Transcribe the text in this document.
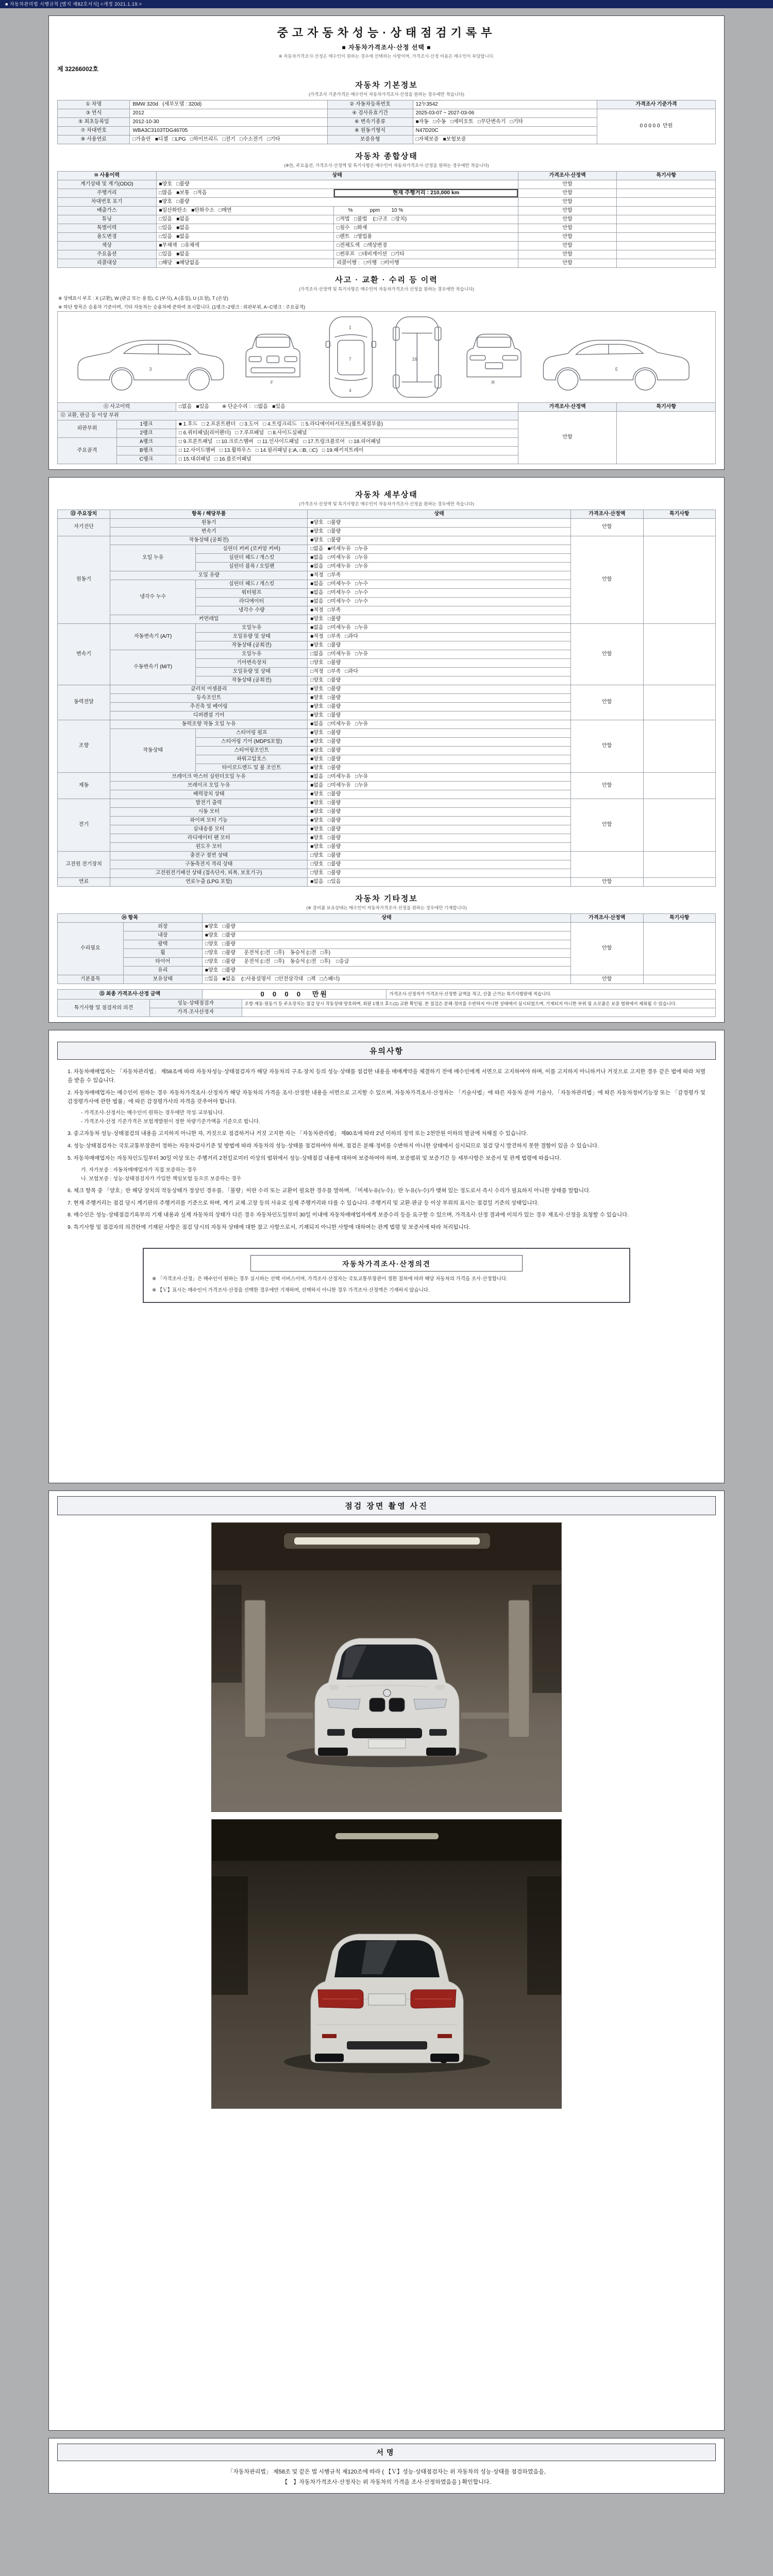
■ 자동차관리법 시행규칙 [별지 제82호서식] <개정 2021.1.19.>
중고자동차성능·상태점검기록부
■ 자동차가격조사·산정 선택 ■
※ 자동차가격조사·산정은 매수인이 원하는 경우에 선택하는 사항이며, 가격조사·산정 비용은 매수인이 부담합니다.
제 32266002호
자동차 기본정보
(가격조사 기준가격은 매수인이 자동차가격조사·산정을 원하는 경우에만 적습니다)
① 차명	BMW 320d   (세부모델 : 320d)	② 자동차등록번호	12누3542	가격조사 기준가격
③ 연식	2012	④ 검사유효기간	2025-03-07 ~ 2027-03-06	0 0 0 0 0  만원
⑤ 최초등록일	2012-10-30	⑥ 변속기종류	■자동   □수동   □세미오토   □무단변속기   □기타	
⑦ 차대번호	WBA3C3103TDG46705	⑧ 원동기형식	N47D20C	
⑨ 사용연료	□가솔린   ■디젤   □LPG   □하이브리드   □전기   □수소전기   □기타	보증유형	□자체보증   ■보험보증	
자동차 종합상태
(※色, 주요옵션, 가격조사·산정액 및 특기사항은 매수인이 자동차가격조사·산정을 원하는 경우에만 적습니다)
⑩ 사용이력	상태		가격조사·산정액	특기사항
계기상태 및 계기(ODO)	■양호   □불량		안함	
주행거리	□많음   ■보통   □적음	현재 주행거리 : 210,000 km	안함	
차대번호 표기	■양호   □불량		안함	
배출가스	■일산화탄소   ■탄화수소   □매연	%            ppm        10 %	안함	
튜닝	□있음   ■없음	□적법   □불법    (□구조   □장치)	안함	
특별이력	□있음   ■없음	□침수   □화재	안함	
용도변경	□있음   ■없음	□렌트   □영업용	안함	
색상	■무채색   □유채색	□전체도색   □색상변경	안함	
주요옵션	□있음   ■없음	□썬루프   □네비게이션   □기타	안함	
리콜대상	□해당   ■해당없음	리콜이행 :   □이행   □미이행	안함	
사고 · 교환 · 수리 등 이력
(가격조사·산정액 및 특기사항은 매수인이 자동차가격조사·산정을 원하는 경우에만 적습니다)
※ 상태표시 부호 : X (교환), W (판금 또는 용접), C (부식), A (흠집), U (요철), T (손상)
※ 하단 항목은 승용차 기준이며, 기타 자동차는 승용차에 준하여 표시합니다. (1랭크~2랭크 : 외판부위, A~C랭크 : 주요골격)
3
F
1
7
4
16
R
⑪ 사고이력		□없음   ■있음         ※ 단순수리 :   □없음   ■있음	가격조사·산정액	특기사항
⑫ 교환, 판금 등 이상 부위			안함	
외판부위	1랭크	■ 1.후드   □ 2.프론트펜더   □ 3.도어   □ 4.트렁크리드   □ 5.라디에이터서포트(볼트체결부품)		
	2랭크	□ 6.쿼터패널(리어펜더)   □ 7.루프패널   □ 8.사이드실패널		
주요골격	A랭크	□ 9.프론트패널   □ 10.크로스멤버   □ 11.인사이드패널   □ 17.트렁크플로어   □ 18.리어패널		
	B랭크	□ 12.사이드멤버   □ 13.휠하우스   □ 14.필러패널 (□A, □B, □C)   □ 19.패키지트레이		
	C랭크	□ 15.대쉬패널   □ 16.플로어패널		
자동차 세부상태
(가격조사·산정액 및 특기사항은 매수인이 자동차가격조사·산정을 원하는 경우에만 적습니다)
⑬ 주요장치	항목 / 해당부품		상태	가격조사·산정액	특기사항
자기진단	원동기		■양호   □불량	안함	
	변속기		■양호   □불량		
원동기	작동상태 (공회전)		■양호   □불량	안함	
	오일 누유	실린더 커버 (로커암 커버)	□없음   ■미세누유   □누유		
		실린더 헤드 / 개스킷	■없음   □미세누유   □누유		
		실린더 블록 / 오일팬	■없음   □미세누유   □누유		
	오일 유량		■적정   □부족		
	냉각수 누수	실린더 헤드 / 개스킷	■없음   □미세누수   □누수		
		워터펌프	■없음   □미세누수   □누수		
		라디에이터	■없음   □미세누수   □누수		
		냉각수 수량	■적정   □부족		
	커먼레일		■양호   □불량		
변속기	자동변속기 (A/T)	오일누유	■없음   □미세누유   □누유	안함	
		오일유량 및 상태	■적정   □부족   □과다		
		작동상태 (공회전)	■양호   □불량		
	수동변속기 (M/T)	오일누유	□없음   □미세누유   □누유		
		기어변속장치	□양호   □불량		
		오일유량 및 상태	□적정   □부족   □과다		
		작동상태 (공회전)	□양호   □불량		
동력전달	클러치 어셈블리		■양호   □불량	안함	
	등속조인트		■양호   □불량		
	추진축 및 베어링		■양호   □불량		
	디퍼렌셜 기어		■양호   □불량		
조향	동력조향 작동 오일 누유		■없음   □미세누유   □누유	안함	
	작동상태	스티어링 펌프	■양호   □불량		
		스티어링 기어 (MDPS포함)	■양호   □불량		
		스티어링조인트	■양호   □불량		
		파워고압호스	■양호   □불량		
		타이로드엔드 및 볼 조인트	■양호   □불량		
제동	브레이크 마스터 실린더오일 누유		■없음   □미세누유   □누유	안함	
	브레이크 오일 누유		■없음   □미세누유   □누유		
	배력장치 상태		■양호   □불량		
전기	발전기 출력		■양호   □불량	안함	
	시동 모터		■양호   □불량		
	와이퍼 모터 기능		■양호   □불량		
	실내송풍 모터		■양호   □불량		
	라디에이터 팬 모터		■양호   □불량		
	윈도우 모터		■양호   □불량		
고전원 전기장치	충전구 절연 상태		□양호   □불량		
	구동축전지 격리 상태		□양호   □불량		
	고전원전기배선 상태 (접속단자, 피복, 보호기구)		□양호   □불량		
연료	연료누출 (LPG 포함)		■없음   □있음	안함	
자동차 기타정보
(※ 장비품 보유상태는 매수인이 자동차가격조사·산정을 원하는 경우에만 기재합니다)
⑭ 항목		상태	가격조사·산정액	특기사항
수리필요	외장	■양호   □불량	안함	
	내장	■양호   □불량		
	광택	□양호   □불량		
	휠	□양호   □불량      운전석 (□전   □후)    동승석 (□전   □후)		
	타이어	□양호   □불량      운전석 (□전   □후)    동승석 (□전   □후)    □응급		
	유리	■양호   □불량		
기본품목	보유상태	□있음   ■없음    (□사용설명서   □안전삼각대   □잭   □스패너)	안함	
⑮ 최종 가격조사·산정 금액	0  0  0  0   만원	가격조사·산정자가 가격조사·산정한 금액을 적고, 산출 근거는 특기사항란에 적습니다.
특기사항 및 점검자의 의견	성능·상태점검자	조향·제동·원동기 등 주요장치는 점검 당시 작동상태 양호하며, 외판 1랭크 후드(1) 교환 확인됨. 본 점검은 분해·정비를 수반하지 아니한 상태에서 실시되었으며, 기재되지 아니한 부위 및 소모품은 보증 범위에서 제외될 수 있습니다.
	가격·조사산정자	
유의사항
1. 자동차매매업자는 「자동차관리법」 제58조에 따라 자동차성능·상태점검자가 해당 자동차의 구조·장치 등의 성능·상태를 점검한 내용을 매매계약을 체결하기 전에 매수인에게 서면으로 고지하여야 하며, 이를 고지하지 아니하거나 거짓으로 고지한 경우 같은 법에 따라 처벌을 받을 수 있습니다.
2. 자동차매매업자는 매수인이 원하는 경우 자동차가격조사·산정자가 해당 자동차의 가격을 조사·산정한 내용을 서면으로 고지할 수 있으며, 자동차가격조사·산정자는 「기술사법」에 따른 자동차 분야 기술사, 「자동차관리법」에 따른 자동차정비기능장 또는 「감정평가 및 감정평가사에 관한 법률」에 따른 감정평가사의 자격을 갖추어야 합니다.
- 가격조사·산정서는 매수인이 원하는 경우에만 작성·교부됩니다.
- 가격조사·산정 기준가격은 보험개발원이 정한 차량기준가액을 기준으로 합니다.
3. 중고자동차 성능·상태점검의 내용을 고지하지 아니한 자, 거짓으로 점검하거나 거짓 고지한 자는 「자동차관리법」 제80조에 따라 2년 이하의 징역 또는 2천만원 이하의 벌금에 처해질 수 있습니다.
4. 성능·상태점검자는 국토교통부장관이 정하는 자동차검사기준 및 방법에 따라 자동차의 성능·상태를 점검하여야 하며, 점검은 분해·정비를 수반하지 아니한 상태에서 실시되므로 점검 당시 발견하지 못한 결함이 있을 수 있습니다.
5. 자동차매매업자는 자동차인도일부터 30일 이상 또는 주행거리 2천킬로미터 이상의 범위에서 성능·상태점검 내용에 대하여 보증하여야 하며, 보증범위 및 보증기간 등 세부사항은 보증서 및 관계 법령에 따릅니다.
가. 자가보증 : 자동차매매업자가 직접 보증하는 경우
나. 보험보증 : 성능·상태점검자가 가입한 책임보험 등으로 보증하는 경우
6. 체크 항목 중 「양호」란 해당 장치의 작동상태가 정상인 경우를, 「불량」이란 수리 또는 교환이 필요한 경우를 말하며, 「미세누유(누수)」란 누유(누수)가 맺혀 있는 정도로서 즉시 수리가 필요하지 아니한 상태를 말합니다.
7. 현재 주행거리는 점검 당시 계기판의 주행거리를 기준으로 하며, 계기 교체·고장 등의 사유로 실제 주행거리와 다를 수 있습니다. 주행거리 및 교환·판금 등 이상 부위의 표시는 점검일 기준의 상태입니다.
8. 매수인은 성능·상태점검기록부의 기재 내용과 실제 자동차의 상태가 다른 경우 자동차인도일부터 30일 이내에 자동차매매업자에게 보증수리 등을 요구할 수 있으며, 가격조사·산정 결과에 이의가 있는 경우 재조사·산정을 요청할 수 있습니다.
9. 특기사항 및 점검자의 의견란에 기재된 사항은 점검 당시의 자동차 상태에 대한 참고 사항으로서, 기재되지 아니한 사항에 대하여는 관계 법령 및 보증서에 따라 처리됩니다.
자동차가격조사·산정의견
※ 「가격조사·산정」은 매수인이 원하는 경우 실시하는 선택 서비스이며, 가격조사·산정자는 국토교통부장관이 정한 절차에 따라 해당 자동차의 가격을 조사·산정합니다.
※ 【Ｖ】표시는 매수인이 가격조사·산정을 선택한 경우에만 기재하며, 선택하지 아니한 경우 가격조사·산정액은 기재하지 않습니다.
점검 장면 촬영 사진
서명
「자동차관리법」 제58조 및 같은 법 시행규칙 제120조에 따라 ( 【Ｖ】성능·상태점검자는 위 자동차의 성능·상태를 점검하였음을,
【　】자동차가격조사·산정자는 위 자동차의 가격을 조사·산정하였음을 ) 확인합니다.
